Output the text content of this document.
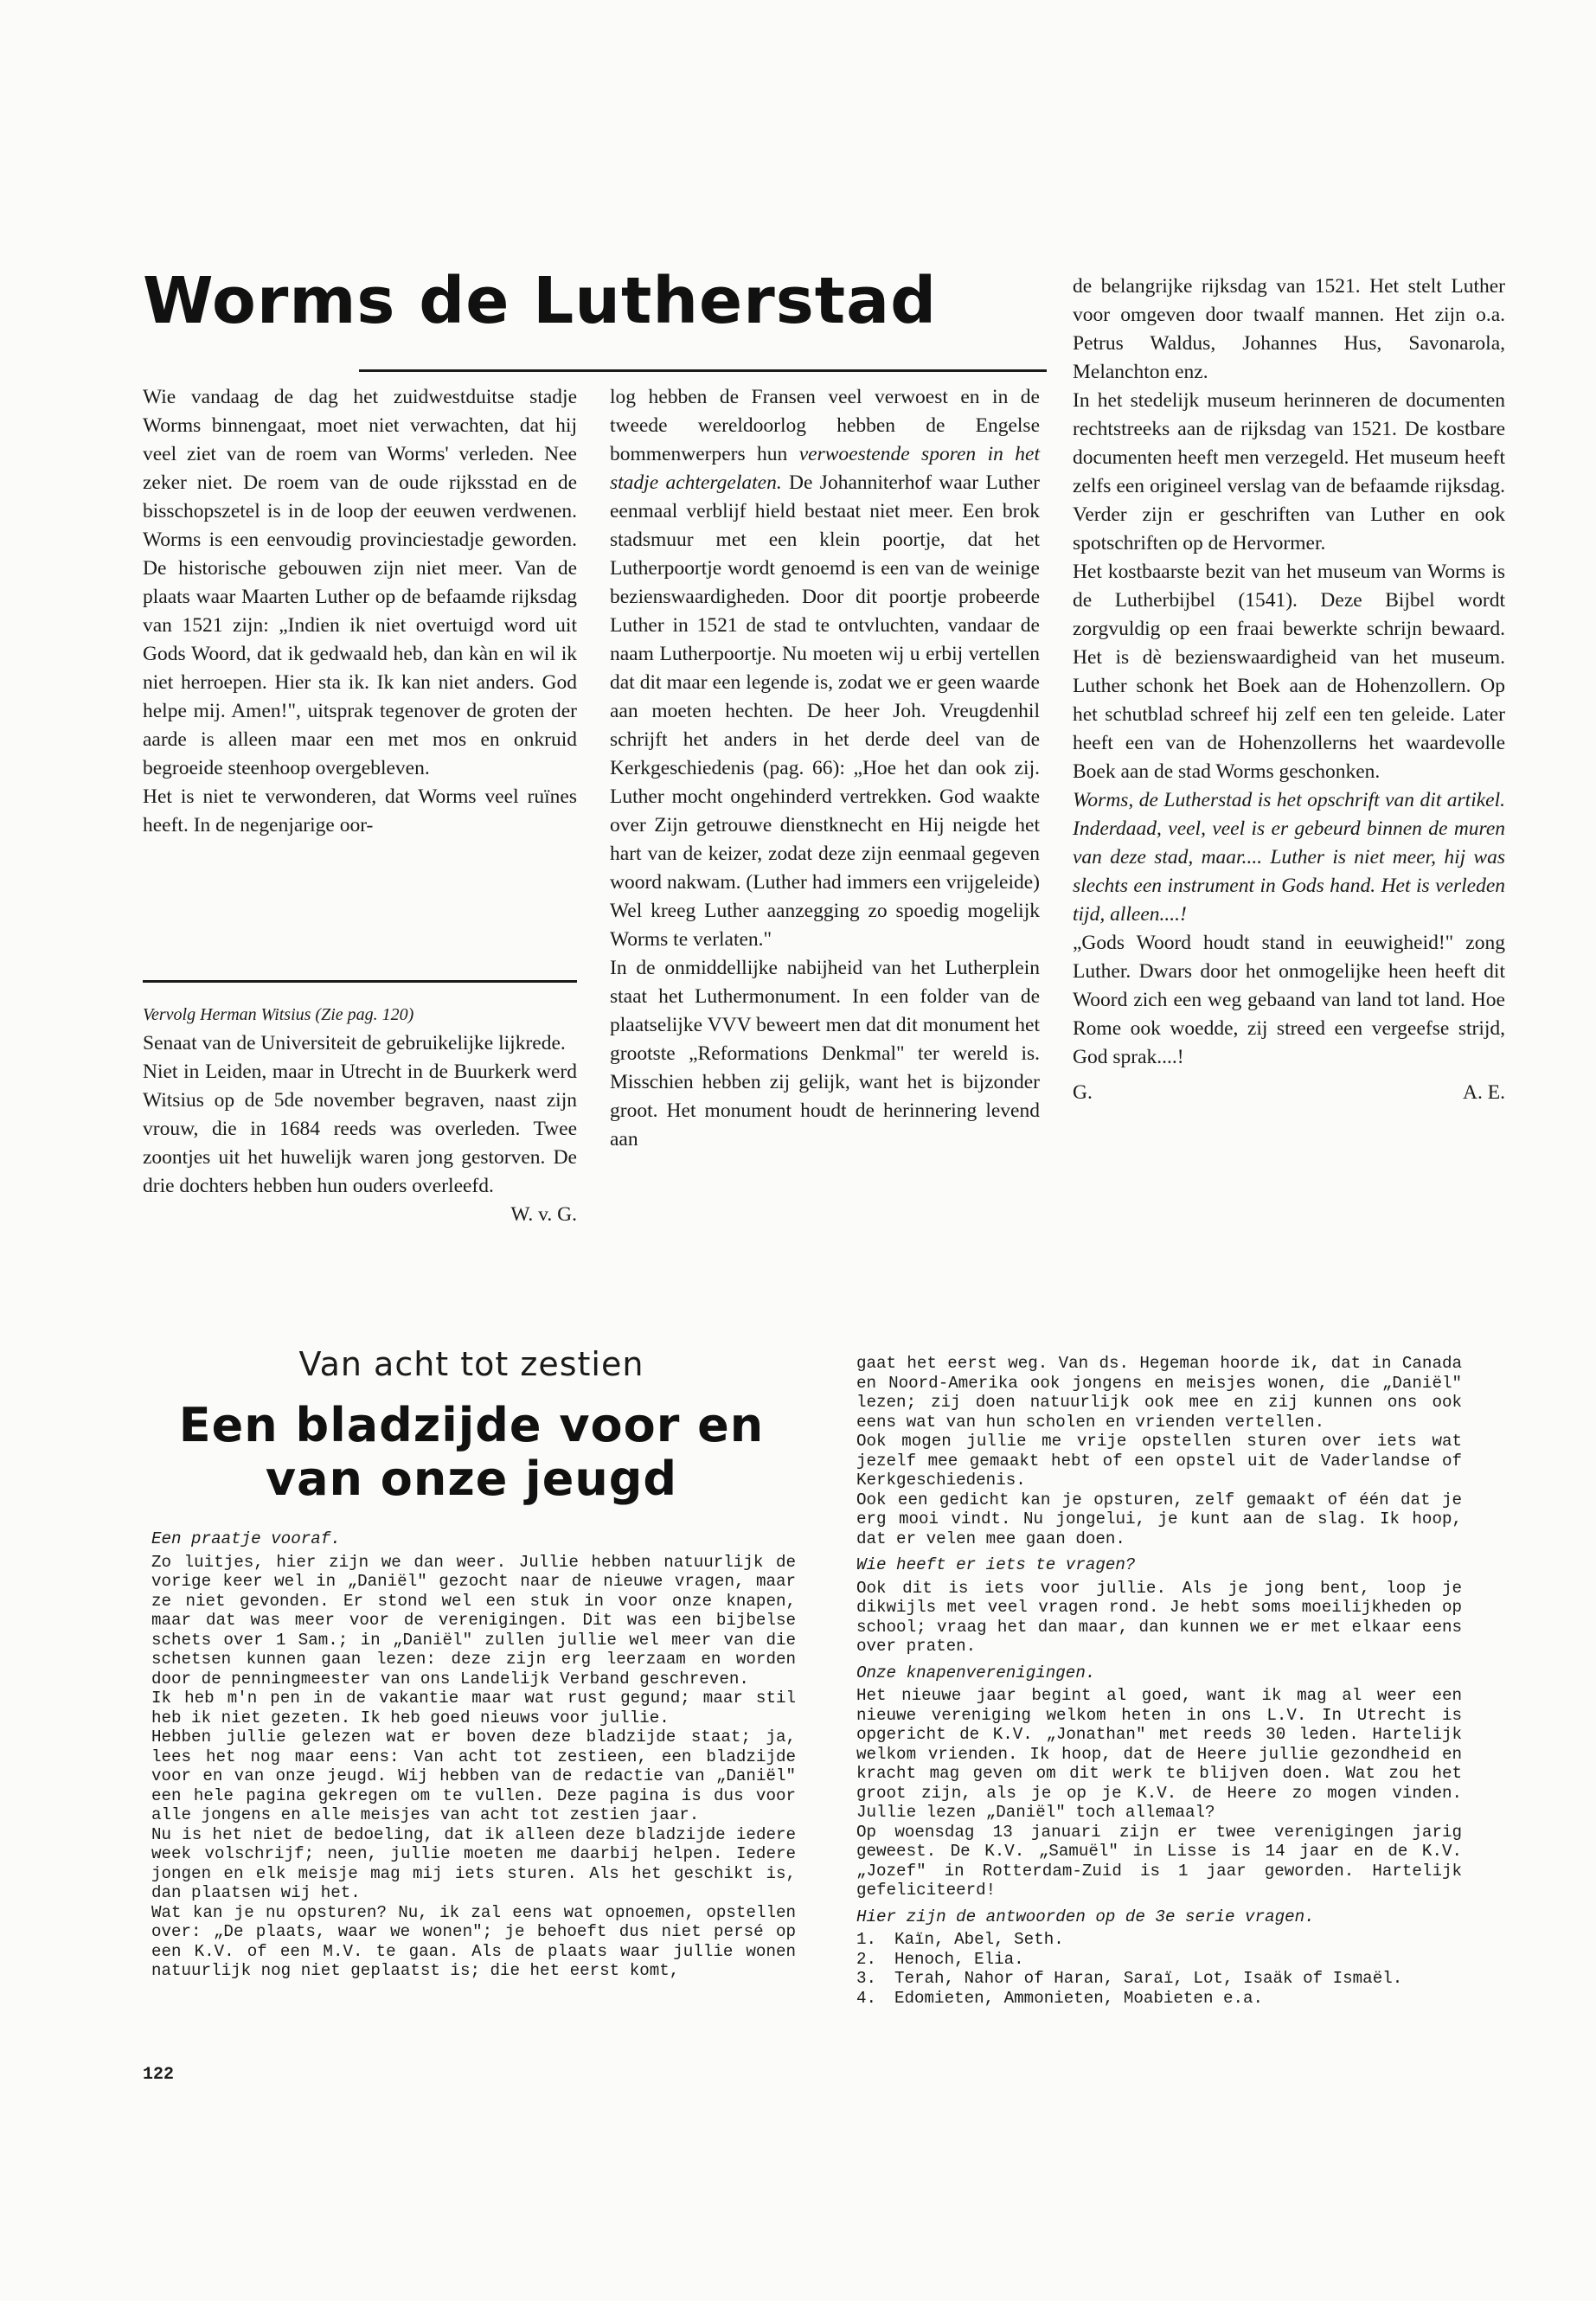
Worms de Lutherstad

Wie vandaag de dag het zuidwestduitse stadje Worms binnengaat, moet niet verwachten, dat hij veel ziet van de roem van Worms' verleden. Nee zeker niet. De roem van de oude rijksstad en de bisschopszetel is in de loop der eeuwen verdwenen. Worms is een eenvoudig provinciestadje geworden. De historische gebouwen zijn niet meer. Van de plaats waar Maarten Luther op de befaamde rijksdag van 1521 zijn: „Indien ik niet overtuigd word uit Gods Woord, dat ik gedwaald heb, dan kàn en wil ik niet herroepen. Hier sta ik. Ik kan niet anders. God helpe mij. Amen!", uitsprak tegenover de groten der aarde is alleen maar een met mos en onkruid begroeide steenhoop overgebleven.

Het is niet te verwonderen, dat Worms veel ruïnes heeft. In de negenjarige oor-

Vervolg Herman Witsius (Zie pag. 120)

Senaat van de Universiteit de gebruikelijke lijkrede.

Niet in Leiden, maar in Utrecht in de Buurkerk werd Witsius op de 5de november begraven, naast zijn vrouw, die in 1684 reeds was overleden. Twee zoontjes uit het huwelijk waren jong gestorven. De drie dochters hebben hun ouders overleefd.

W. v. G.

log hebben de Fransen veel verwoest en in de tweede wereldoorlog hebben de Engelse bommenwerpers hun verwoestende sporen in het stadje achtergelaten. De Johanniterhof waar Luther eenmaal verblijf hield bestaat niet meer. Een brok stadsmuur met een klein poortje, dat het Lutherpoortje wordt genoemd is een van de weinige bezienswaardigheden. Door dit poortje probeerde Luther in 1521 de stad te ontvluchten, vandaar de naam Lutherpoortje. Nu moeten wij u erbij vertellen dat dit maar een legende is, zodat we er geen waarde aan moeten hechten. De heer Joh. Vreugdenhil schrijft het anders in het derde deel van de Kerkgeschiedenis (pag. 66): „Hoe het dan ook zij. Luther mocht ongehinderd vertrekken. God waakte over Zijn getrouwe dienstknecht en Hij neigde het hart van de keizer, zodat deze zijn eenmaal gegeven woord nakwam. (Luther had immers een vrijgeleide) Wel kreeg Luther aanzegging zo spoedig mogelijk Worms te verlaten."

In de onmiddellijke nabijheid van het Lutherplein staat het Luthermonument. In een folder van de plaatselijke VVV beweert men dat dit monument het grootste „Reformations Denkmal" ter wereld is. Misschien hebben zij gelijk, want het is bijzonder groot. Het monument houdt de herinnering levend aan

de belangrijke rijksdag van 1521. Het stelt Luther voor omgeven door twaalf mannen. Het zijn o.a. Petrus Waldus, Johannes Hus, Savonarola, Melanchton enz.

In het stedelijk museum herinneren de documenten rechtstreeks aan de rijksdag van 1521. De kostbare documenten heeft men verzegeld. Het museum heeft zelfs een origineel verslag van de befaamde rijksdag. Verder zijn er geschriften van Luther en ook spotschriften op de Hervormer.

Het kostbaarste bezit van het museum van Worms is de Lutherbijbel (1541). Deze Bijbel wordt zorgvuldig op een fraai bewerkte schrijn bewaard. Het is dè bezienswaardigheid van het museum. Luther schonk het Boek aan de Hohenzollern. Op het schutblad schreef hij zelf een ten geleide. Later heeft een van de Hohenzollerns het waardevolle Boek aan de stad Worms geschonken.

Worms, de Lutherstad is het opschrift van dit artikel. Inderdaad, veel, veel is er gebeurd binnen de muren van deze stad, maar.... Luther is niet meer, hij was slechts een instrument in Gods hand. Het is verleden tijd, alleen....!

„Gods Woord houdt stand in eeuwigheid!" zong Luther. Dwars door het onmogelijke heen heeft dit Woord zich een weg gebaand van land tot land. Hoe Rome ook woedde, zij streed een vergeefse strijd, God sprak....!

G.	A. E.

Van acht tot zestien

Een bladzijde voor en van onze jeugd

Een praatje vooraf.

Zo luitjes, hier zijn we dan weer. Jullie hebben natuurlijk de vorige keer wel in „Daniël" gezocht naar de nieuwe vragen, maar ze niet gevonden. Er stond wel een stuk in voor onze knapen, maar dat was meer voor de verenigingen. Dit was een bijbelse schets over 1 Sam.; in „Daniël" zullen jullie wel meer van die schetsen kunnen gaan lezen: deze zijn erg leerzaam en worden door de penningmeester van ons Landelijk Verband geschreven.

Ik heb m'n pen in de vakantie maar wat rust gegund; maar stil heb ik niet gezeten. Ik heb goed nieuws voor jullie.

Hebben jullie gelezen wat er boven deze bladzijde staat; ja, lees het nog maar eens: Van acht tot zestieen, een bladzijde voor en van onze jeugd. Wij hebben van de redactie van „Daniël" een hele pagina gekregen om te vullen. Deze pagina is dus voor alle jongens en alle meisjes van acht tot zestien jaar.

Nu is het niet de bedoeling, dat ik alleen deze bladzijde iedere week volschrijf; neen, jullie moeten me daarbij helpen. Iedere jongen en elk meisje mag mij iets sturen. Als het geschikt is, dan plaatsen wij het.

Wat kan je nu opsturen? Nu, ik zal eens wat opnoemen, opstellen over: „De plaats, waar we wonen"; je behoeft dus niet persé op een K.V. of een M.V. te gaan. Als de plaats waar jullie wonen natuurlijk nog niet geplaatst is; die het eerst komt,

gaat het eerst weg. Van ds. Hegeman hoorde ik, dat in Canada en Noord-Amerika ook jongens en meisjes wonen, die „Daniël" lezen; zij doen natuurlijk ook mee en zij kunnen ons ook eens wat van hun scholen en vrienden vertellen.

Ook mogen jullie me vrije opstellen sturen over iets wat jezelf mee gemaakt hebt of een opstel uit de Vaderlandse of Kerkgeschiedenis.

Ook een gedicht kan je opsturen, zelf gemaakt of één dat je erg mooi vindt. Nu jongelui, je kunt aan de slag. Ik hoop, dat er velen mee gaan doen.

Wie heeft er iets te vragen?

Ook dit is iets voor jullie. Als je jong bent, loop je dikwijls met veel vragen rond. Je hebt soms moeilijkheden op school; vraag het dan maar, dan kunnen we er met elkaar eens over praten.

Onze knapenverenigingen.

Het nieuwe jaar begint al goed, want ik mag al weer een nieuwe vereniging welkom heten in ons L.V. In Utrecht is opgericht de K.V. „Jonathan" met reeds 30 leden. Hartelijk welkom vrienden. Ik hoop, dat de Heere jullie gezondheid en kracht mag geven om dit werk te blijven doen. Wat zou het groot zijn, als je op je K.V. de Heere zo mogen vinden. Jullie lezen „Daniël" toch allemaal?

Op woensdag 13 januari zijn er twee verenigingen jarig geweest. De K.V. „Samuël" in Lisse is 14 jaar en de K.V. „Jozef" in Rotterdam-Zuid is 1 jaar geworden. Hartelijk gefeliciteerd!

Hier zijn de antwoorden op de 3e serie vragen.

1. Kaïn, Abel, Seth.
2. Henoch, Elia.
3. Terah, Nahor of Haran, Saraï, Lot, Isaäk of Ismaël.
4. Edomieten, Ammonieten, Moabieten e.a.
122
